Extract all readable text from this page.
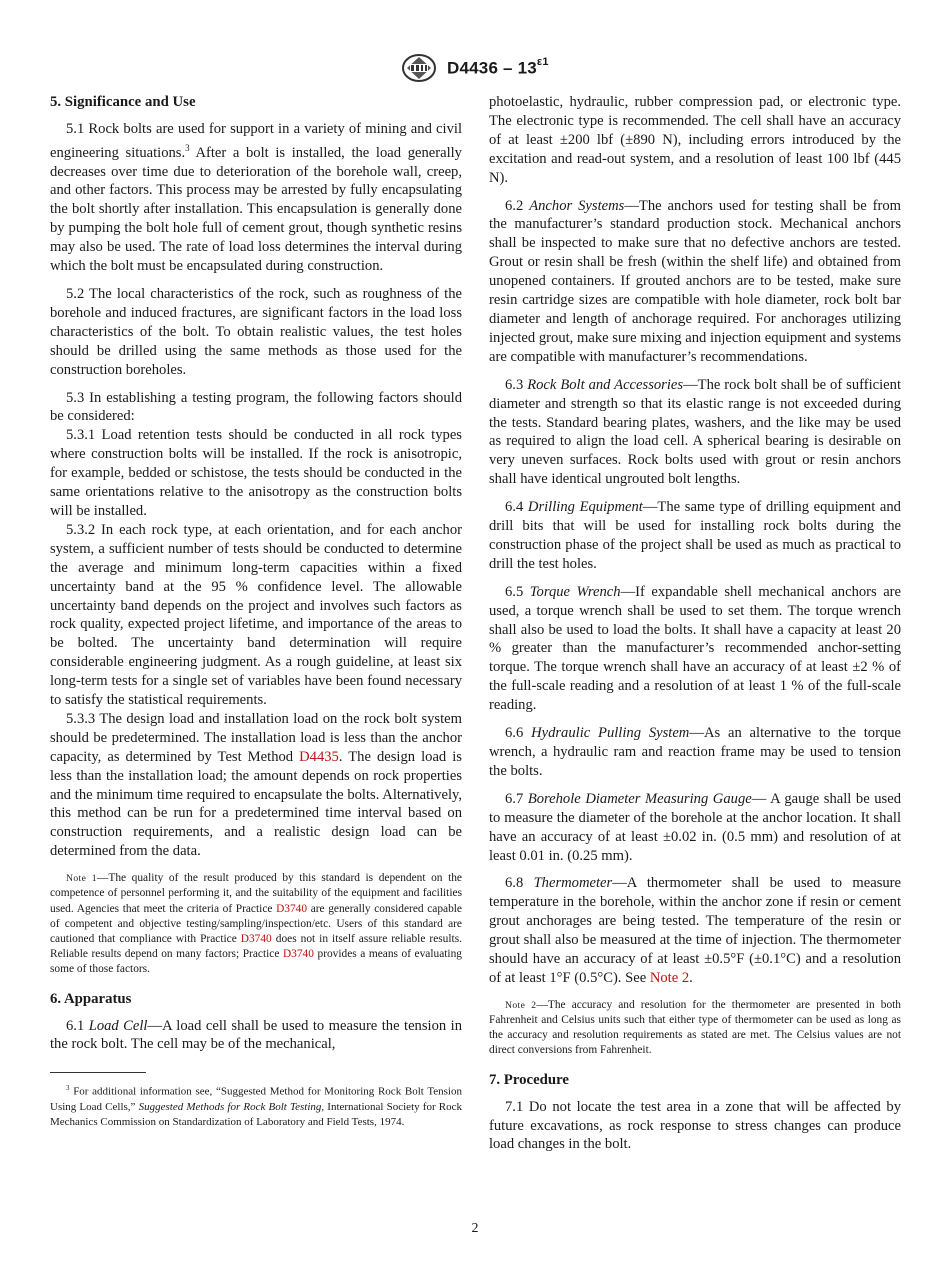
$D4436 - 13^{\varepsilon 1}$
5. Significance and Use

5.1 Rock bolts are used for support in a variety of mining and civil engineering situations.$^3$ After a bolt is installed, the load generally decreases over time due to deterioration of the borehole wall, creep, and other factors. This process may be arrested by fully encapsulating the bolt shortly after installation. This encapsulation is generally done by pumping the bolt hole full of cement grout, though synthetic resins may also be used. The rate of load loss determines the interval during which the bolt must be encapsulated during construction.

5.2 The local characteristics of the rock, such as roughness of the borehole and induced fractures, are significant factors in the load loss characteristics of the bolt. To obtain realistic values, the test holes should be drilled using the same methods as those used for the construction boreholes.

5.3 In establishing a testing program, the following factors should be considered:

5.3.1 Load retention tests should be conducted in all rock types where construction bolts will be installed. If the rock is anisotropic, for example, bedded or schistose, the tests should be conducted in the same orientations relative to the anisotropy as the construction bolts will be installed.

5.3.2 In each rock type, at each orientation, and for each anchor system, a sufficient number of tests should be conducted to determine the average and minimum long-term capacities within a fixed uncertainty band at the 95 % confidence level. The allowable uncertainty band depends on the project and involves such factors as rock quality, expected project lifetime, and importance of the areas to be bolted. The uncertainty band determination will require considerable engineering judgment. As a rough guideline, at least six long-term tests for a single set of variables have been found necessary to satisfy the statistical requirements.

5.3.3 The design load and installation load on the rock bolt system should be predetermined. The installation load is less than the anchor capacity, as determined by Test Method D4435. The design load is less than the installation load; the amount depends on rock properties and the minimum time required to encapsulate the bolts. Alternatively, this method can be run for a predetermined time interval based on construction requirements, and a realistic design load can be determined from the data.

Note 1—The quality of the result produced by this standard is dependent on the competence of personnel performing it, and the suitability of the equipment and facilities used. Agencies that meet the criteria of Practice D3740 are generally considered capable of competent and objective testing/sampling/inspection/etc. Users of this standard are cautioned that compliance with Practice D3740 does not in itself assure reliable results. Reliable results depend on many factors; Practice D3740 provides a means of evaluating some of those factors.

6. Apparatus

6.1 Load Cell—A load cell shall be used to measure the tension in the rock bolt. The cell may be of the mechanical,

$^3$ For additional information see, “Suggested Method for Monitoring Rock Bolt Tension Using Load Cells,” Suggested Methods for Rock Bolt Testing, International Society for Rock Mechanics Commission on Standardization of Laboratory and Field Tests, 1974.

photoelastic, hydraulic, rubber compression pad, or electronic type. The electronic type is recommended. The cell shall have an accuracy of at least ±200 lbf (±890 N), including errors introduced by the excitation and read-out system, and a resolution of least 100 lbf (445 N).

6.2 Anchor Systems—The anchors used for testing shall be from the manufacturer’s standard production stock. Mechanical anchors shall be inspected to make sure that no defective anchors are tested. Grout or resin shall be fresh (within the shelf life) and obtained from unopened containers. If grouted anchors are to be tested, make sure resin cartridge sizes are compatible with hole diameter, rock bolt bar diameter and length of anchorage required. For anchorages utilizing injected grout, make sure mixing and injection equipment and systems are compatible with manufacturer’s recommendations.

6.3 Rock Bolt and Accessories—The rock bolt shall be of sufficient diameter and strength so that its elastic range is not exceeded during the tests. Standard bearing plates, washers, and the like may be used as required to align the load cell. A spherical bearing is desirable on very uneven surfaces. Rock bolts used with grout or resin anchors shall have identical ungrouted bolt lengths.

6.4 Drilling Equipment—The same type of drilling equipment and drill bits that will be used for installing rock bolts during the construction phase of the project shall be used as much as practical to drill the test holes.

6.5 Torque Wrench—If expandable shell mechanical anchors are used, a torque wrench shall be used to set them. The torque wrench shall also be used to load the bolts. It shall have a capacity at least 20 % greater than the manufacturer’s recommended anchor-setting torque. The torque wrench shall have an accuracy of at least ±2 % of the full-scale reading and a resolution of at least 1 % of the full-scale reading.

6.6 Hydraulic Pulling System—As an alternative to the torque wrench, a hydraulic ram and reaction frame may be used to tension the bolts.

6.7 Borehole Diameter Measuring Gauge— A gauge shall be used to measure the diameter of the borehole at the anchor location. It shall have an accuracy of at least ±0.02 in. (0.5 mm) and resolution of at least 0.01 in. (0.25 mm).

6.8 Thermometer—A thermometer shall be used to measure temperature in the borehole, within the anchor zone if resin or cement grout anchorages are being tested. The temperature of the resin or grout shall also be measured at the time of injection. The thermometer should have an accuracy of at least ±0.5°F (±0.1°C) and a resolution of at least 1°F (0.5°C). See Note 2.

Note 2—The accuracy and resolution for the thermometer are presented in both Fahrenheit and Celsius units such that either type of thermometer can be used as long as the accuracy and resolution requirements as stated are met. The Celsius values are not direct conversions from Fahrenheit.

7. Procedure

7.1 Do not locate the test area in a zone that will be affected by future excavations, as rock response to stress changes can produce load changes in the bolt.

2
